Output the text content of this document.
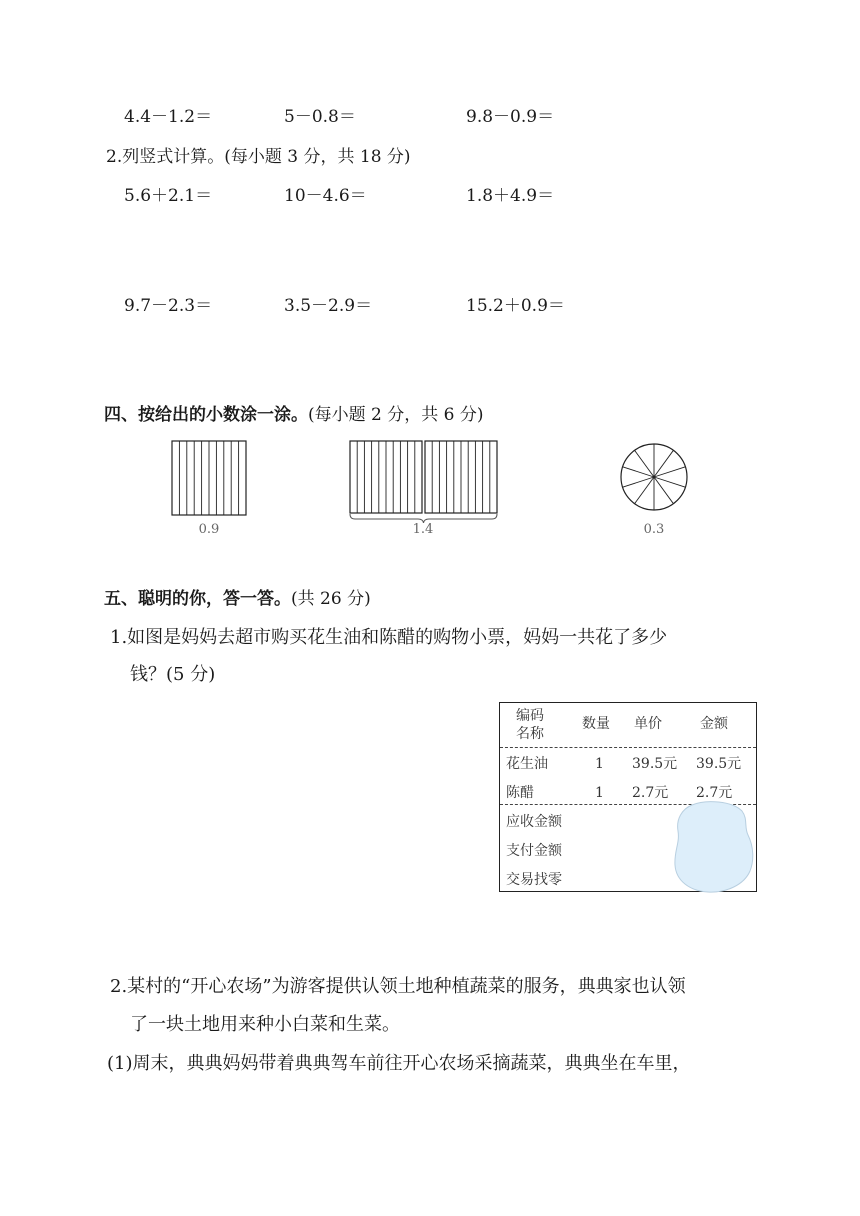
4.4－1.2＝	5－0.8＝	9.8－0.9＝
2.列竖式计算。(每小题 3 分，共 18 分)
5.6＋2.1＝	10－4.6＝	1.8＋4.9＝
9.7－2.3＝	3.5－2.9＝	15.2＋0.9＝
四、按给出的小数涂一涂。(每小题 2 分，共 6 分)
0.9	1.4	0.3
五、聪明的你，答一答。(共 26 分)
1.如图是妈妈去超市购买花生油和陈醋的购物小票，妈妈一共花了多少
钱？(5 分)
编码
名称
数量 单价	金额
花生油	1 39.5元 39.5元
陈醋	1 2.7元 2.7元
应收金额
支付金额
交易找零
2.某村的“开心农场”为游客提供认领土地种植蔬菜的服务，典典家也认领
了一块土地用来种小白菜和生菜。
(1)周末，典典妈妈带着典典驾车前往开心农场采摘蔬菜，典典坐在车里，
